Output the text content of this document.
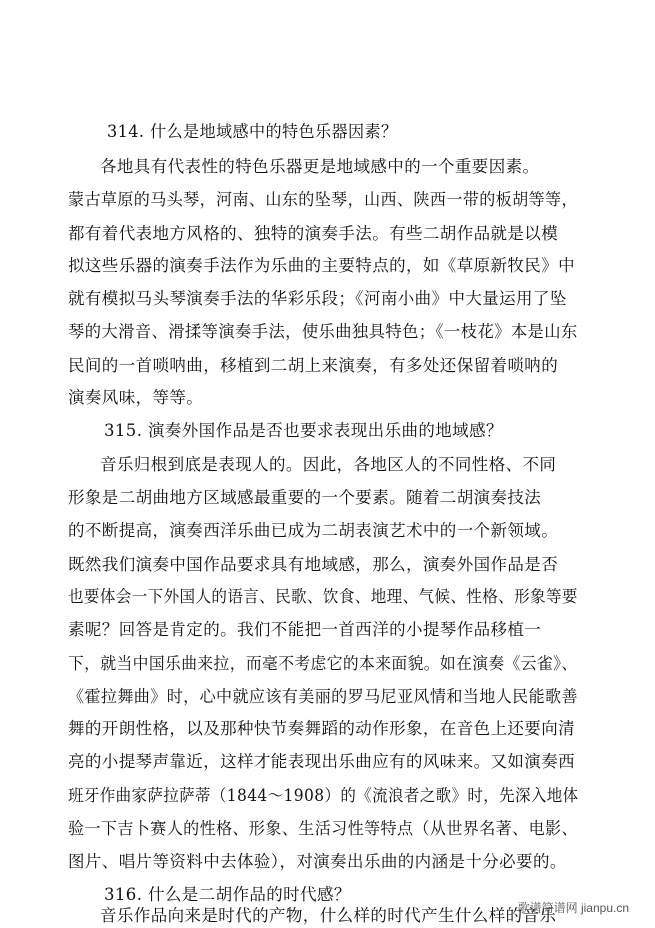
314. 什么是地域感中的特色乐器因素？
各地具有代表性的特色乐器更是地域感中的一个重要因素。
蒙古草原的马头琴，河南、山东的坠琴，山西、陕西一带的板胡等等，
都有着代表地方风格的、独特的演奏手法。有些二胡作品就是以模
拟这些乐器的演奏手法作为乐曲的主要特点的，如《草原新牧民》中
就有模拟马头琴演奏手法的华彩乐段；《河南小曲》中大量运用了坠
琴的大滑音、滑揉等演奏手法，使乐曲独具特色；《一枝花》本是山东
民间的一首唢呐曲，移植到二胡上来演奏，有多处还保留着唢呐的
演奏风味，等等。
315. 演奏外国作品是否也要求表现出乐曲的地域感？
音乐归根到底是表现人的。因此，各地区人的不同性格、不同
形象是二胡曲地方区域感最重要的一个要素。随着二胡演奏技法
的不断提高，演奏西洋乐曲已成为二胡表演艺术中的一个新领域。
既然我们演奏中国作品要求具有地域感，那么，演奏外国作品是否
也要体会一下外国人的语言、民歌、饮食、地理、气候、性格、形象等要
素呢？回答是肯定的。我们不能把一首西洋的小提琴作品移植一
下，就当中国乐曲来拉，而毫不考虑它的本来面貌。如在演奏《云雀》、
《霍拉舞曲》时，心中就应该有美丽的罗马尼亚风情和当地人民能歌善
舞的开朗性格，以及那种快节奏舞蹈的动作形象，在音色上还要向清
亮的小提琴声靠近，这样才能表现出乐曲应有的风味来。又如演奏西
班牙作曲家萨拉萨蒂（1844～1908）的《流浪者之歌》时，先深入地体
验一下吉卜赛人的性格、形象、生活习性等特点（从世界名著、电影、
图片、唱片等资料中去体验），对演奏出乐曲的内涵是十分必要的。
316. 什么是二胡作品的时代感？
音乐作品向来是时代的产物，什么样的时代产生什么样的音乐
歌谱简谱网 jianpu.cn
